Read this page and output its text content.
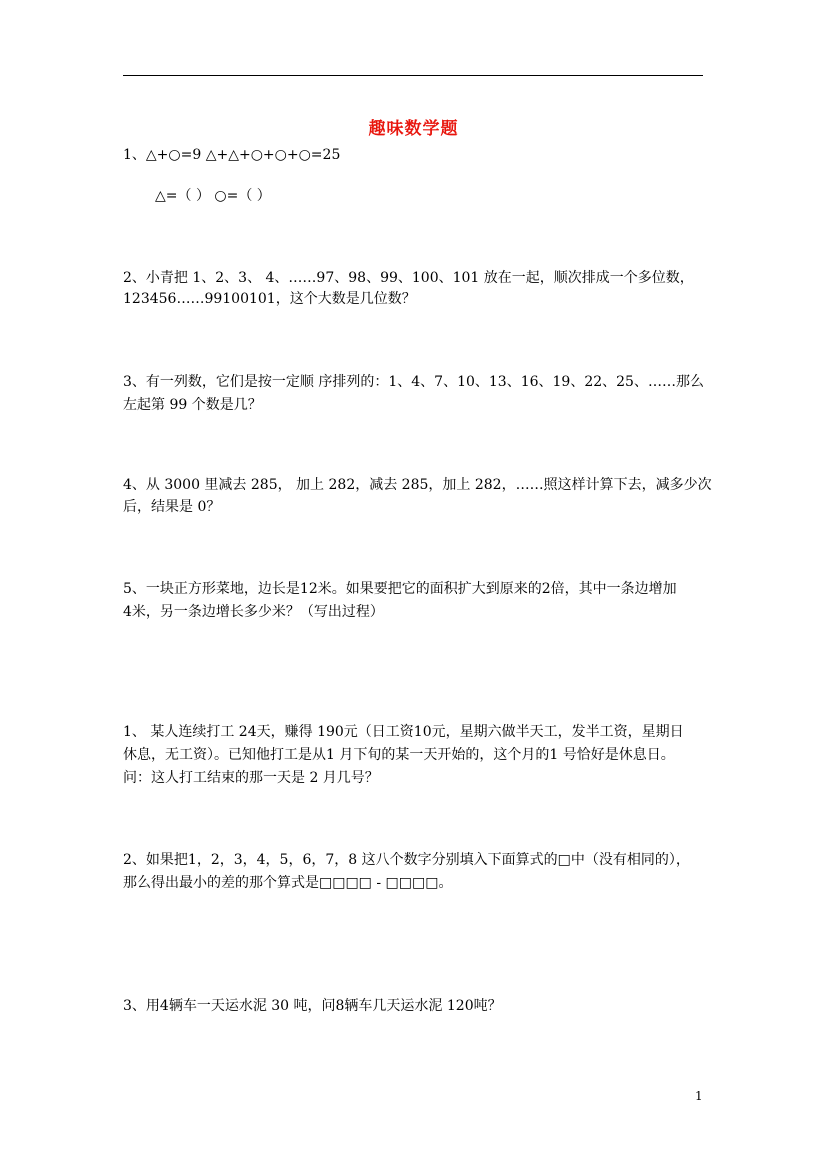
趣味数学题
1、△+○=9 △+△+○+○+○=25
△=（ ） ○=（ ）
2、小青把 1、2、3、 4、……97、98、99、100、101 放在一起，顺次排成一个多位数，
123456……99100101，这个大数是几位数？
3、有一列数，它们是按一定顺 序排列的：1、4、7、10、13、16、19、22、25、……那么
左起第 99 个数是几？
4、从 3000 里减去 285， 加上 282，减去 285，加上 282，……照这样计算下去，减多少次
后，结果是 0？
5、一块正方形菜地，边长是12米。如果要把它的面积扩大到原来的2倍，其中一条边增加
4米，另一条边增长多少米？（写出过程）
1、 某人连续打工 24天，赚得 190元（日工资10元，星期六做半天工，发半工资，星期日
休息，无工资）。已知他打工是从1 月下旬的某一天开始的，这个月的1 号恰好是休息日。
问：这人打工结束的那一天是 2 月几号？
2、如果把1，2，3，4，5，6，7，8 这八个数字分别填入下面算式的□中（没有相同的），
那么得出最小的差的那个算式是□□□□ - □□□□。
3、用4辆车一天运水泥 30 吨，问8辆车几天运水泥 120吨？
1
